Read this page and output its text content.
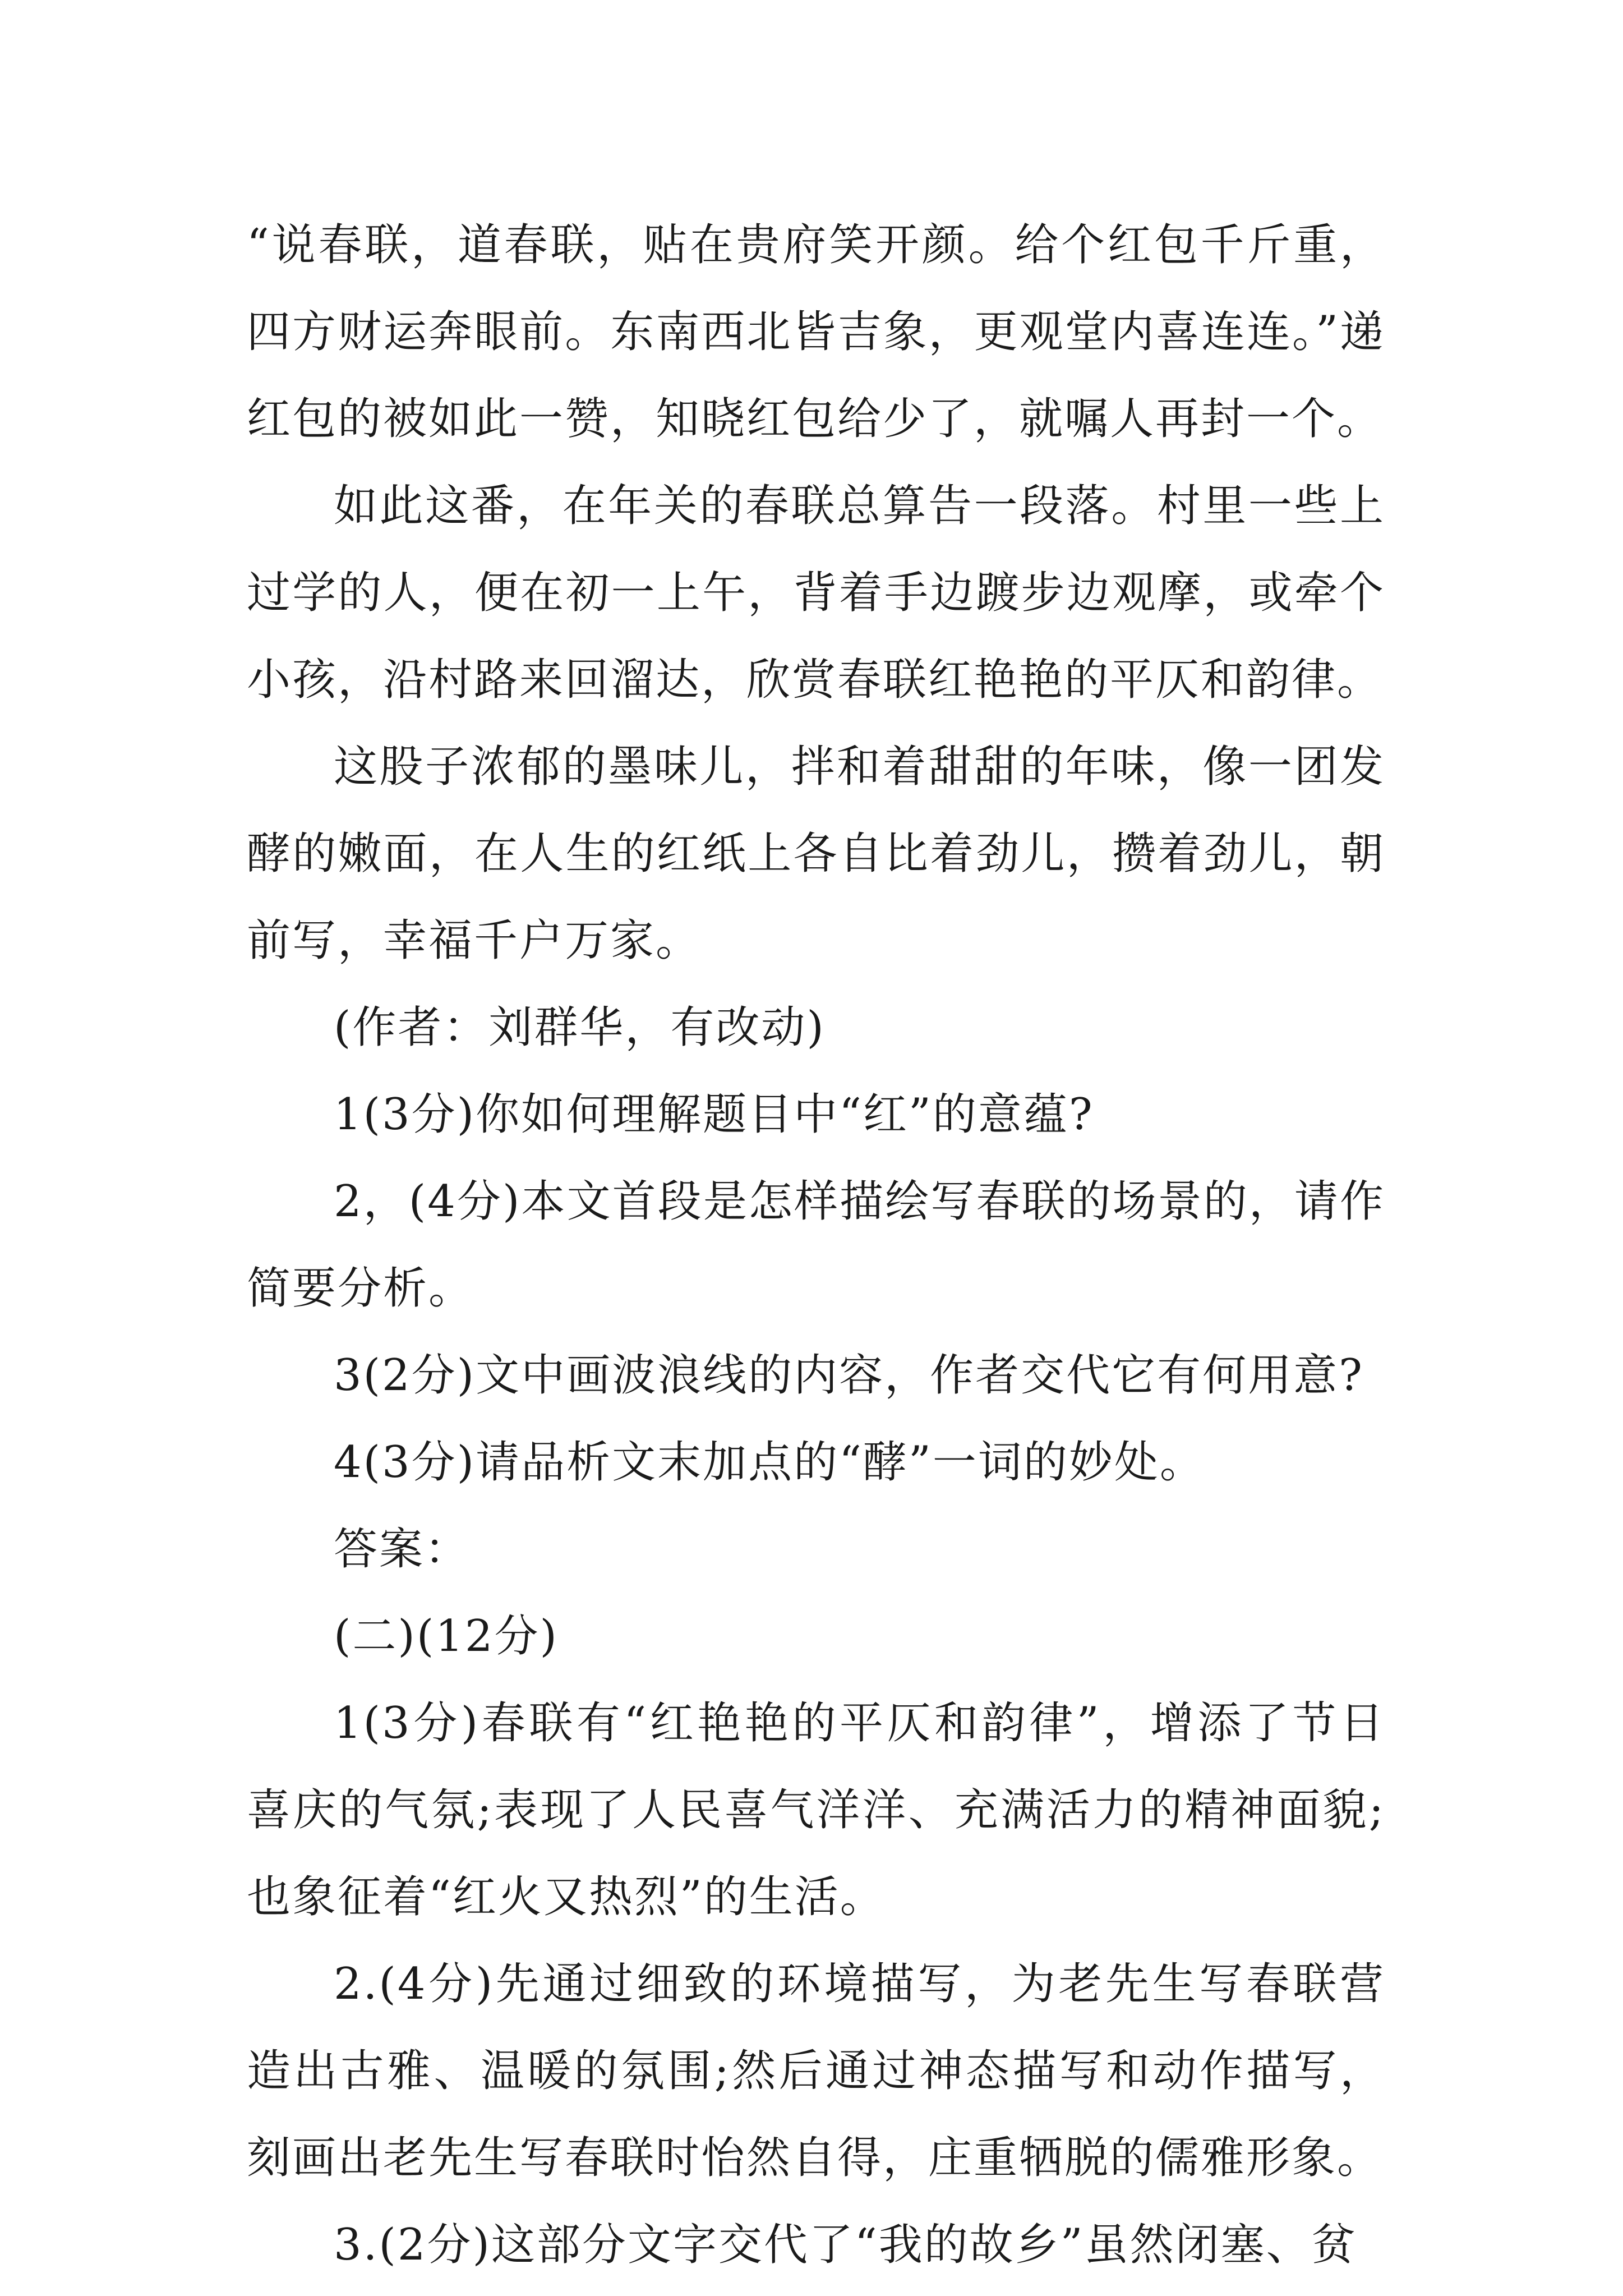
“说春联，道春联，贴在贵府笑开颜。给个红包千斤重，四方财运奔眼前。东南西北皆吉象，更观堂内喜连连。”递红包的被如此一赞，知晓红包给少了，就嘱人再封一个。

如此这番，在年关的春联总算告一段落。村里一些上过学的人，便在初一上午，背着手边踱步边观摩，或牵个小孩，沿村路来回溜达，欣赏春联红艳艳的平仄和韵律。

这股子浓郁的墨味儿，拌和着甜甜的年味，像一团发酵的嫩面，在人生的红纸上各自比着劲儿，攒着劲儿，朝前写，幸福千户万家。

(作者：刘群华，有改动)

1(3分)你如何理解题目中“红”的意蕴?

2，(4分)本文首段是怎样描绘写春联的场景的，请作简要分析。

3(2分)文中画波浪线的内容，作者交代它有何用意?

4(3分)请品析文末加点的“酵”一词的妙处。

答案：

(二)(12分)

1(3分)春联有“红艳艳的平仄和韵律”，增添了节日喜庆的气氛;表现了人民喜气洋洋、充满活力的精神面貌;也象征着“红火又热烈”的生活。

2.(4分)先通过细致的环境描写，为老先生写春联营造出古雅、温暖的氛围;然后通过神态描写和动作描写，刻画出老先生写春联时怡然自得，庄重牺脱的儒雅形象。

3.(2分)这部分文字交代了“我的故乡”虽然闭塞、贫
